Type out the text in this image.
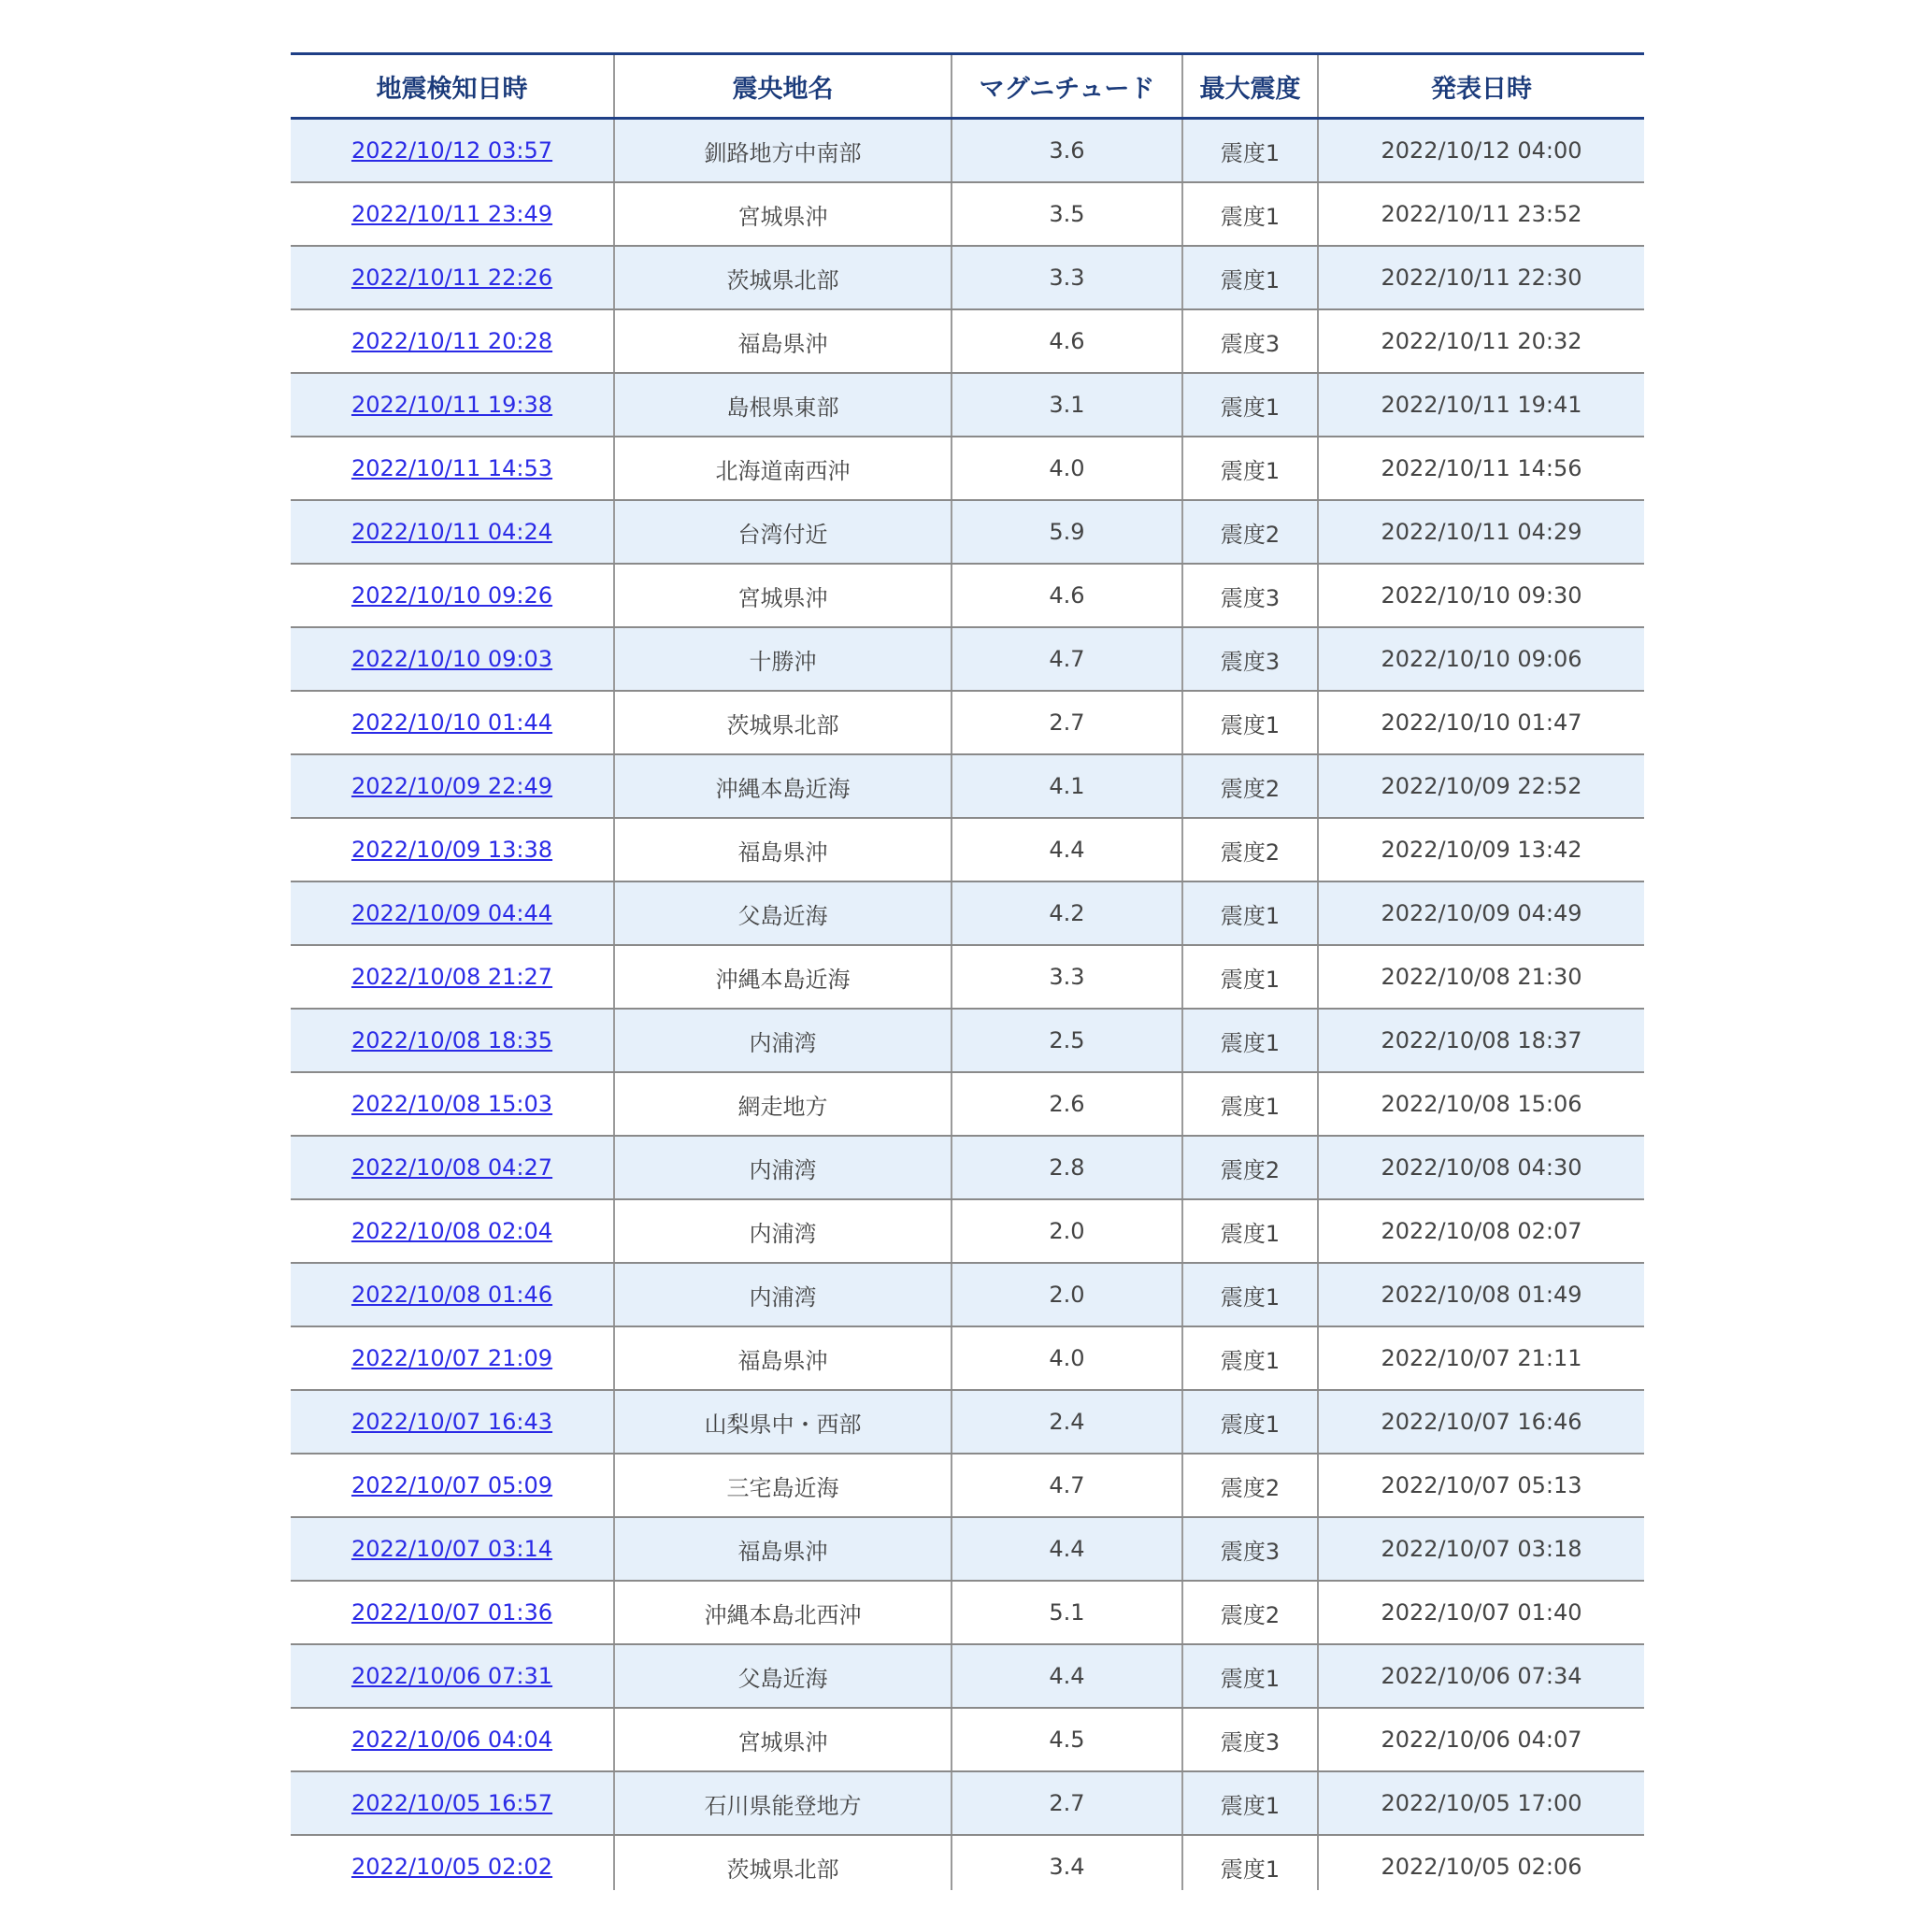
地震検知日時	震央地名	マグニチュード	最大震度	発表日時
2022/10/12 03:57	釧路地方中南部	3.6	震度1	2022/10/12 04:00
2022/10/11 23:49	宮城県沖	3.5	震度1	2022/10/11 23:52
2022/10/11 22:26	茨城県北部	3.3	震度1	2022/10/11 22:30
2022/10/11 20:28	福島県沖	4.6	震度3	2022/10/11 20:32
2022/10/11 19:38	島根県東部	3.1	震度1	2022/10/11 19:41
2022/10/11 14:53	北海道南西沖	4.0	震度1	2022/10/11 14:56
2022/10/11 04:24	台湾付近	5.9	震度2	2022/10/11 04:29
2022/10/10 09:26	宮城県沖	4.6	震度3	2022/10/10 09:30
2022/10/10 09:03	十勝沖	4.7	震度3	2022/10/10 09:06
2022/10/10 01:44	茨城県北部	2.7	震度1	2022/10/10 01:47
2022/10/09 22:49	沖縄本島近海	4.1	震度2	2022/10/09 22:52
2022/10/09 13:38	福島県沖	4.4	震度2	2022/10/09 13:42
2022/10/09 04:44	父島近海	4.2	震度1	2022/10/09 04:49
2022/10/08 21:27	沖縄本島近海	3.3	震度1	2022/10/08 21:30
2022/10/08 18:35	内浦湾	2.5	震度1	2022/10/08 18:37
2022/10/08 15:03	網走地方	2.6	震度1	2022/10/08 15:06
2022/10/08 04:27	内浦湾	2.8	震度2	2022/10/08 04:30
2022/10/08 02:04	内浦湾	2.0	震度1	2022/10/08 02:07
2022/10/08 01:46	内浦湾	2.0	震度1	2022/10/08 01:49
2022/10/07 21:09	福島県沖	4.0	震度1	2022/10/07 21:11
2022/10/07 16:43	山梨県中・西部	2.4	震度1	2022/10/07 16:46
2022/10/07 05:09	三宅島近海	4.7	震度2	2022/10/07 05:13
2022/10/07 03:14	福島県沖	4.4	震度3	2022/10/07 03:18
2022/10/07 01:36	沖縄本島北西沖	5.1	震度2	2022/10/07 01:40
2022/10/06 07:31	父島近海	4.4	震度1	2022/10/06 07:34
2022/10/06 04:04	宮城県沖	4.5	震度3	2022/10/06 04:07
2022/10/05 16:57	石川県能登地方	2.7	震度1	2022/10/05 17:00
2022/10/05 02:02	茨城県北部	3.4	震度1	2022/10/05 02:06
